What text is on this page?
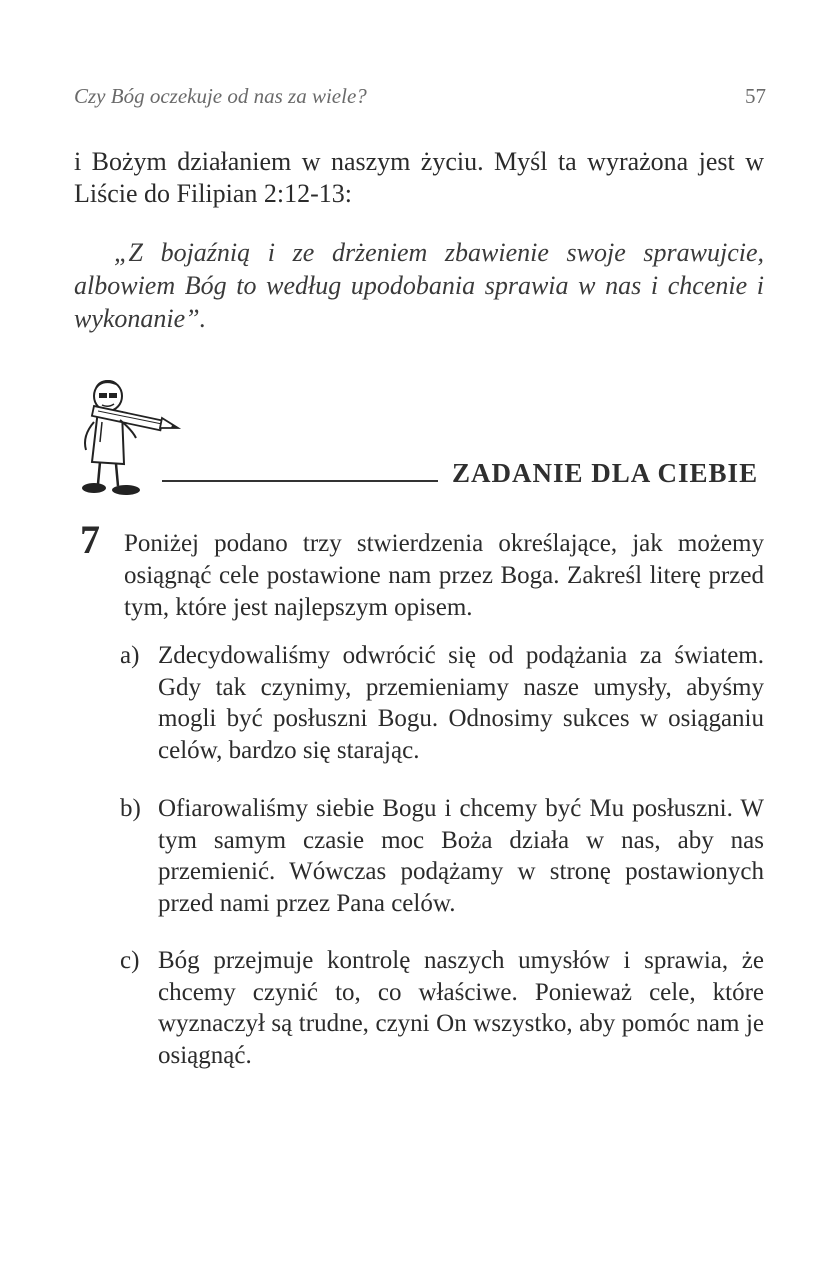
Czy Bóg oczekuje od nas za wiele?	57
i Bożym działaniem w naszym życiu. Myśl ta wyrażona jest w Liście do Filipian 2:12-13:
„Z bojaźnią i ze drżeniem zbawienie swoje sprawujcie, albowiem Bóg to według upodobania sprawia w nas i chcenie i wykonanie”.
ZADANIE DLA CIEBIE
7 Poniżej podano trzy stwierdzenia określające, jak możemy osiągnąć cele postawione nam przez Boga. Zakreśl literę przed tym, które jest najlepszym opisem.
a) Zdecydowaliśmy odwrócić się od podążania za światem. Gdy tak czynimy, przemieniamy nasze umysły, abyśmy mogli być posłuszni Bogu. Odnosimy sukces w osiąganiu celów, bardzo się starając.
b) Ofiarowaliśmy siebie Bogu i chcemy być Mu posłuszni. W tym samym czasie moc Boża działa w nas, aby nas przemienić. Wówczas podążamy w stronę postawionych przed nami przez Pana celów.
c) Bóg przejmuje kontrolę naszych umysłów i sprawia, że chcemy czynić to, co właściwe. Ponieważ cele, które wyznaczył są trudne, czyni On wszystko, aby pomóc nam je osiągnąć.
